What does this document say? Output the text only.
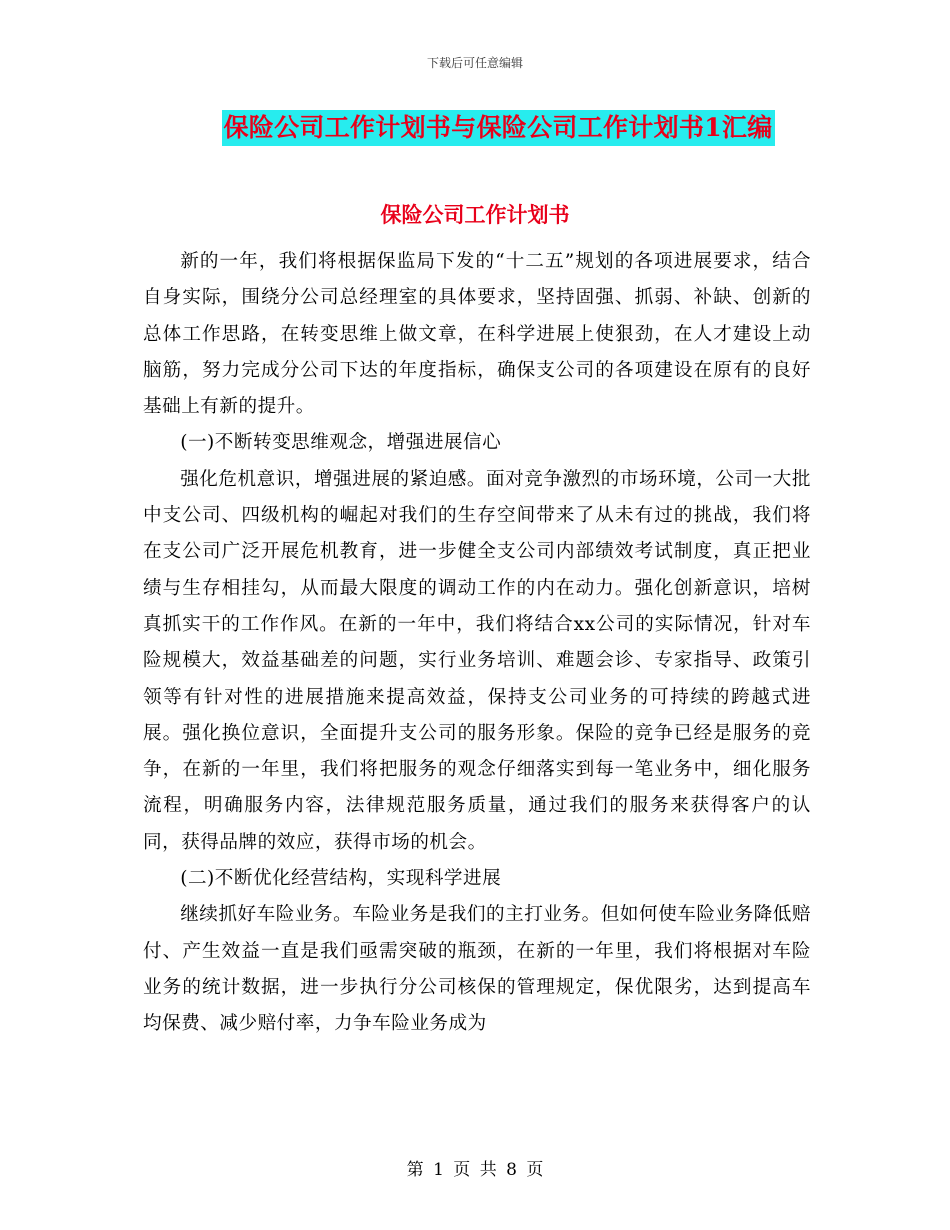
下载后可任意编辑
保险公司工作计划书与保险公司工作计划书1汇编
保险公司工作计划书

新的一年，我们将根据保监局下发的“十二五”规划的各项进展要求，结合自身实际，围绕分公司总经理室的具体要求，坚持固强、抓弱、补缺、创新的总体工作思路，在转变思维上做文章，在科学进展上使狠劲，在人才建设上动脑筋，努力完成分公司下达的年度指标，确保支公司的各项建设在原有的良好基础上有新的提升。

(一)不断转变思维观念，增强进展信心

强化危机意识，增强进展的紧迫感。面对竞争激烈的市场环境，公司一大批中支公司、四级机构的崛起对我们的生存空间带来了从未有过的挑战，我们将在支公司广泛开展危机教育，进一步健全支公司内部绩效考试制度，真正把业绩与生存相挂勾，从而最大限度的调动工作的内在动力。强化创新意识，培树真抓实干的工作作风。在新的一年中，我们将结合xx公司的实际情况，针对车险规模大，效益基础差的问题，实行业务培训、难题会诊、专家指导、政策引领等有针对性的进展措施来提高效益，保持支公司业务的可持续的跨越式进展。强化换位意识，全面提升支公司的服务形象。保险的竞争已经是服务的竞争，在新的一年里，我们将把服务的观念仔细落实到每一笔业务中，细化服务流程，明确服务内容，法律规范服务质量，通过我们的服务来获得客户的认同，获得品牌的效应，获得市场的机会。

(二)不断优化经营结构，实现科学进展

继续抓好车险业务。车险业务是我们的主打业务。但如何使车险业务降低赔付、产生效益一直是我们亟需突破的瓶颈，在新的一年里，我们将根据对车险业务的统计数据，进一步执行分公司核保的管理规定，保优限劣，达到提高车均保费、减少赔付率，力争车险业务成为

第 1 页 共 8 页
